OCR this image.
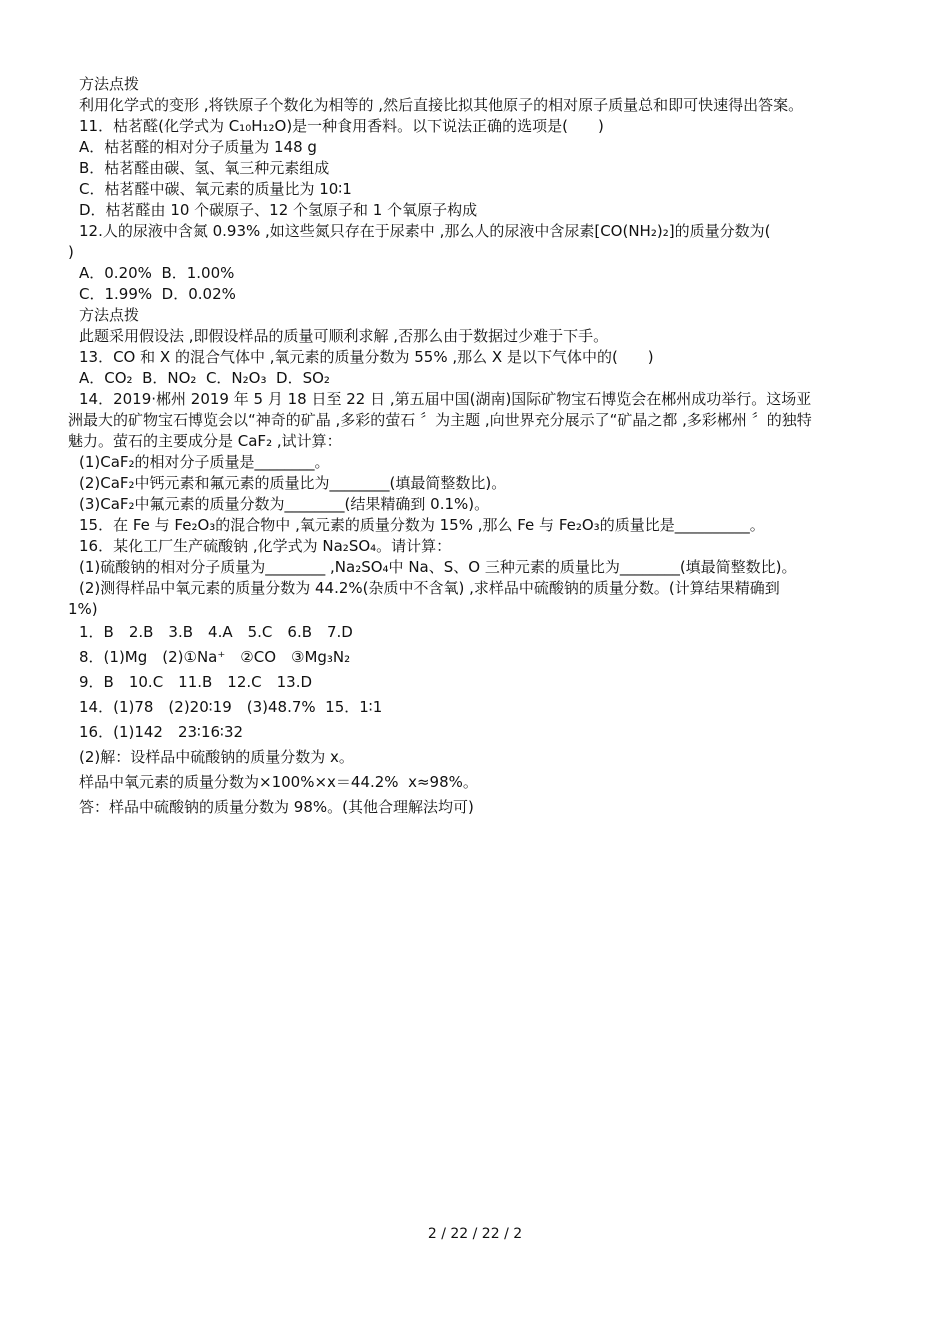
方法点拨

利用化学式的变形 ,将铁原子个数化为相等的 ,然后直接比拟其他原子的相对原子质量总和即可快速得出答案。

11．枯茗醛(化学式为 C₁₀H₁₂O)是一种食用香料。以下说法正确的选项是(　　)

A．枯茗醛的相对分子质量为 148 g

B．枯茗醛由碳、氢、氧三种元素组成

C．枯茗醛中碳、氧元素的质量比为 10∶1

D．枯茗醛由 10 个碳原子、12 个氢原子和 1 个氧原子构成

12.人的尿液中含氮 0.93% ,如这些氮只存在于尿素中 ,那么人的尿液中含尿素[CO(NH₂)₂]的质量分数为(

)

A．0.20%  B．1.00%

C．1.99%  D．0.02%

方法点拨

此题采用假设法 ,即假设样品的质量可顺利求解 ,否那么由于数据过少难于下手。

13．CO 和 X 的混合气体中 ,氧元素的质量分数为 55% ,那么 X 是以下气体中的(　　)

A．CO₂  B．NO₂  C．N₂O₃  D．SO₂

14．2019·郴州 2019 年 5 月 18 日至 22 日 ,第五届中国(湖南)国际矿物宝石博览会在郴州成功举行。这场亚

洲最大的矿物宝石博览会以“神奇的矿晶 ,多彩的萤石 〞为主题 ,向世界充分展示了“矿晶之都 ,多彩郴州 〞的独特

魅力。萤石的主要成分是 CaF₂ ,试计算：

(1)CaF₂的相对分子质量是________。

(2)CaF₂中钙元素和氟元素的质量比为________(填最简整数比)。

(3)CaF₂中氟元素的质量分数为________(结果精确到 0.1%)。

15．在 Fe 与 Fe₂O₃的混合物中 ,氧元素的质量分数为 15% ,那么 Fe 与 Fe₂O₃的质量比是__________。

16．某化工厂生产硫酸钠 ,化学式为 Na₂SO₄。请计算：

(1)硫酸钠的相对分子质量为________ ,Na₂SO₄中 Na、S、O 三种元素的质量比为________(填最简整数比)。

(2)测得样品中氧元素的质量分数为 44.2%(杂质中不含氧) ,求样品中硫酸钠的质量分数。(计算结果精确到

1%)

1．B　2.B　3.B　4.A　5.C　6.B　7.D

8．(1)Mg　(2)①Na⁺　②CO　③Mg₃N₂

9．B　10.C　11.B　12.C　13.D

14．(1)78　(2)20∶19　(3)48.7%  15．1∶1

16．(1)142　23∶16∶32

(2)解：设样品中硫酸钠的质量分数为 x。

样品中氧元素的质量分数为×100%×x＝44.2%  x≈98%。

答：样品中硫酸钠的质量分数为 98%。(其他合理解法均可)

2 / 22 / 22 / 2
